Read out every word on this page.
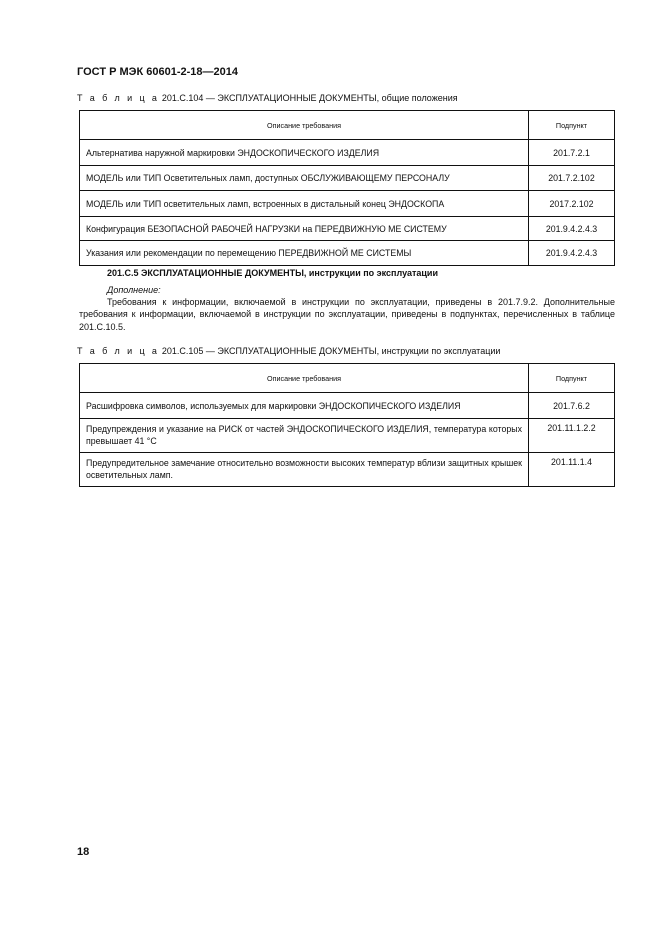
ГОСТ Р МЭК 60601-2-18—2014
Т а б л и ц а 201.С.104 — ЭКСПЛУАТАЦИОННЫЕ ДОКУМЕНТЫ, общие положения
Описание требования	Подпункт
Альтернатива наружной маркировки ЭНДОСКОПИЧЕСКОГО ИЗДЕЛИЯ	201.7.2.1
МОДЕЛЬ или ТИП Осветительных ламп, доступных ОБСЛУЖИВАЮЩЕМУ ПЕРСОНАЛУ	201.7.2.102
МОДЕЛЬ или ТИП осветительных ламп, встроенных в дистальный конец ЭНДОСКОПА	2017.2.102
Конфигурация БЕЗОПАСНОЙ РАБОЧЕЙ НАГРУЗКИ на ПЕРЕДВИЖНУЮ МЕ СИСТЕМУ	201.9.4.2.4.3
Указания или рекомендации по перемещению ПЕРЕДВИЖНОЙ МЕ СИСТЕМЫ	201.9.4.2.4.3
201.С.5 ЭКСПЛУАТАЦИОННЫЕ ДОКУМЕНТЫ, инструкции по эксплуатации
Дополнение:
Требования к информации, включаемой в инструкции по эксплуатации, приведены в 201.7.9.2. Дополнительные требования к информации, включаемой в инструкции по эксплуатации, приведены в подпунктах, перечисленных в таблице 201.С.10.5.
Т а б л и ц а 201.С.105 — ЭКСПЛУАТАЦИОННЫЕ ДОКУМЕНТЫ, инструкции по эксплуатации
Описание требования	Подпункт
Расшифровка символов, используемых для маркировки ЭНДОСКОПИЧЕСКОГО ИЗДЕЛИЯ	201.7.6.2
Предупреждения и указание на РИСК от частей ЭНДОСКОПИЧЕСКОГО ИЗДЕЛИЯ, температура которых превышает 41 °С	201.11.1.2.2
Предупредительное замечание относительно возможности высоких температур вблизи защитных крышек осветительных ламп.	201.11.1.4
18
